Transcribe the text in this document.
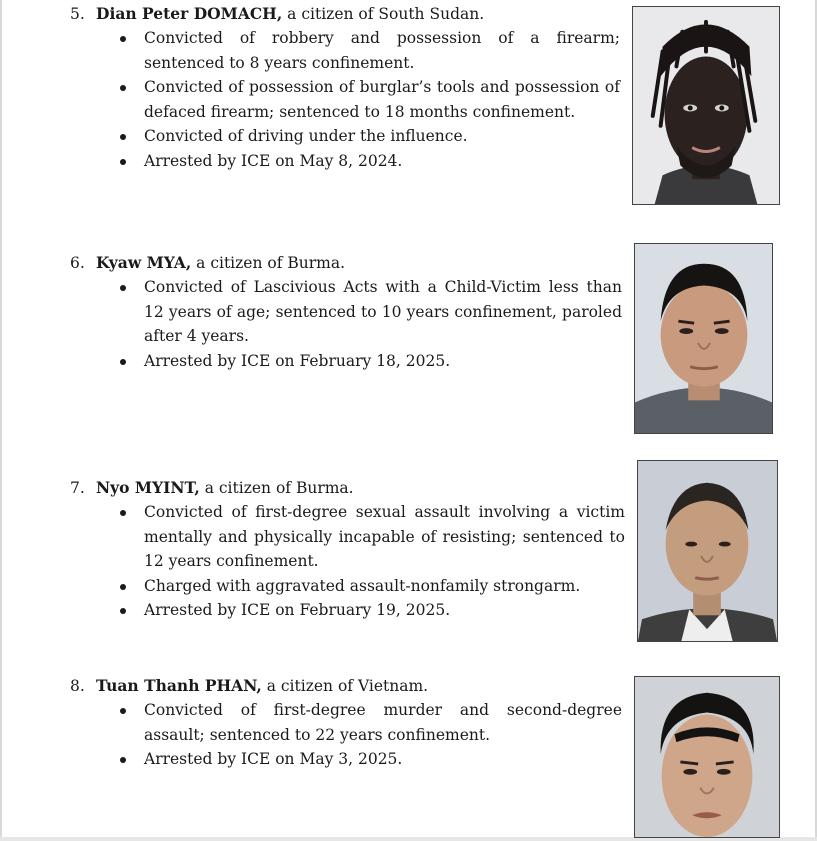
5. Dian Peter DOMACH, a citizen of South Sudan.
Convicted of robbery and possession of a firearm; sentenced to 8 years confinement.
Convicted of possession of burglar’s tools and possession of defaced firearm; sentenced to 18 months confinement.
Convicted of driving under the influence.
Arrested by ICE on May 8, 2024.
6. Kyaw MYA, a citizen of Burma.
Convicted of Lascivious Acts with a Child-Victim less than 12 years of age; sentenced to 10 years confinement, paroled after 4 years.
Arrested by ICE on February 18, 2025.
7. Nyo MYINT, a citizen of Burma.
Convicted of first-degree sexual assault involving a victim mentally and physically incapable of resisting; sentenced to 12 years confinement.
Charged with aggravated assault-nonfamily strongarm.
Arrested by ICE on February 19, 2025.
8. Tuan Thanh PHAN, a citizen of Vietnam.
Convicted of first-degree murder and second-degree assault; sentenced to 22 years confinement.
Arrested by ICE on May 3, 2025.
